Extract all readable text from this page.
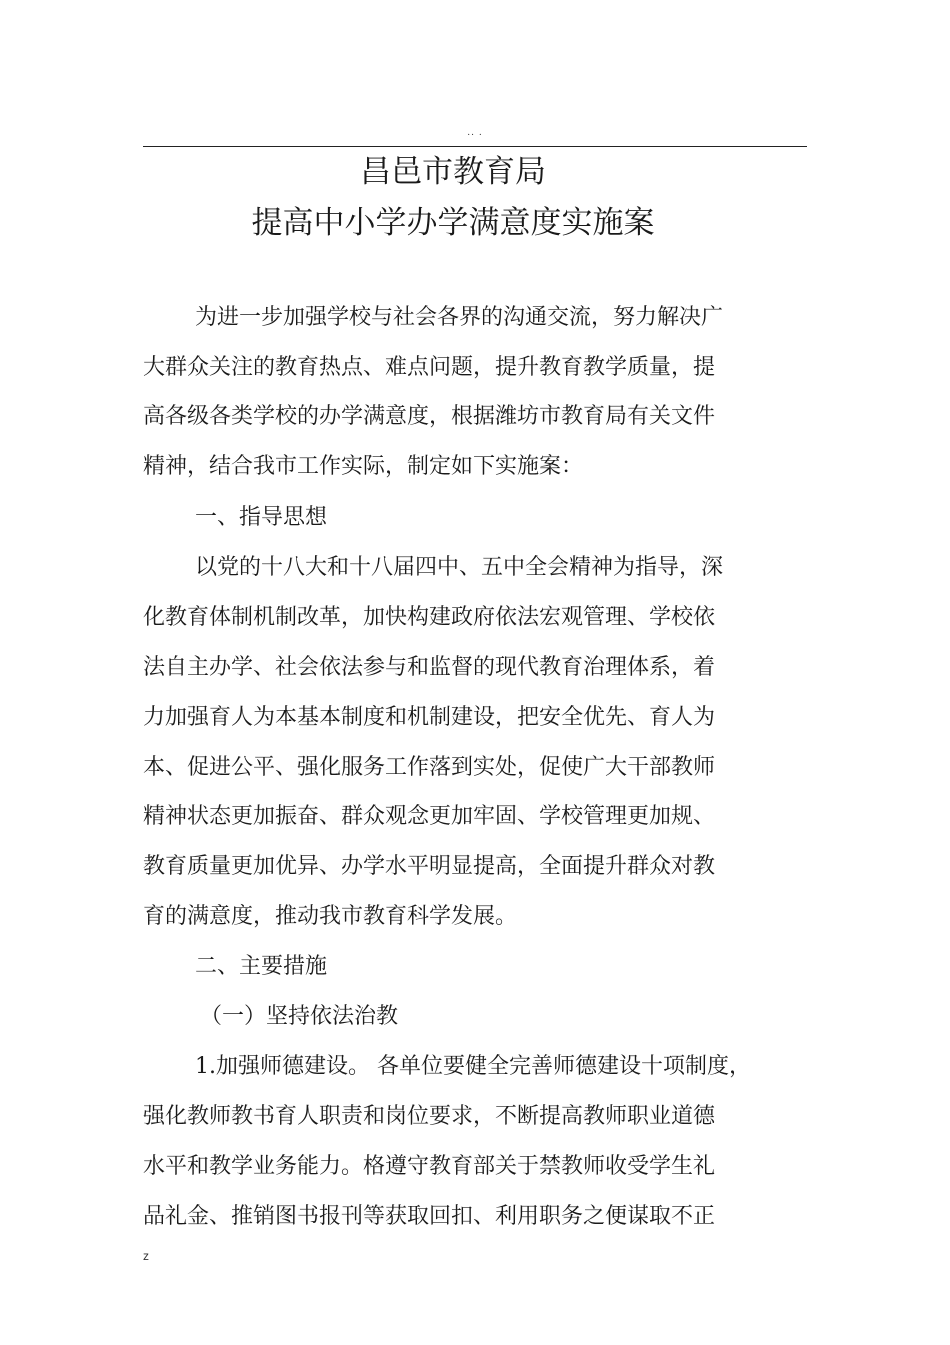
.. .
昌邑市教育局
提高中小学办学满意度实施案
为进一步加强学校与社会各界的沟通交流，努力解决广
大群众关注的教育热点、难点问题，提升教育教学质量，提
高各级各类学校的办学满意度，根据潍坊市教育局有关文件
精神，结合我市工作实际，制定如下实施案：
一、指导思想
以党的十八大和十八届四中、五中全会精神为指导，深
化教育体制机制改革，加快构建政府依法宏观管理、学校依
法自主办学、社会依法参与和监督的现代教育治理体系，着
力加强育人为本基本制度和机制建设，把安全优先、育人为
本、促进公平、强化服务工作落到实处，促使广大干部教师
精神状态更加振奋、群众观念更加牢固、学校管理更加规、
教育质量更加优异、办学水平明显提高，全面提升群众对教
育的满意度，推动我市教育科学发展。
二、主要措施
（一）坚持依法治教
1.加强师德建设。 各单位要健全完善师德建设十项制度，
强化教师教书育人职责和岗位要求，不断提高教师职业道德
水平和教学业务能力。格遵守教育部关于禁教师收受学生礼
品礼金、推销图书报刊等获取回扣、利用职务之便谋取不正
z
